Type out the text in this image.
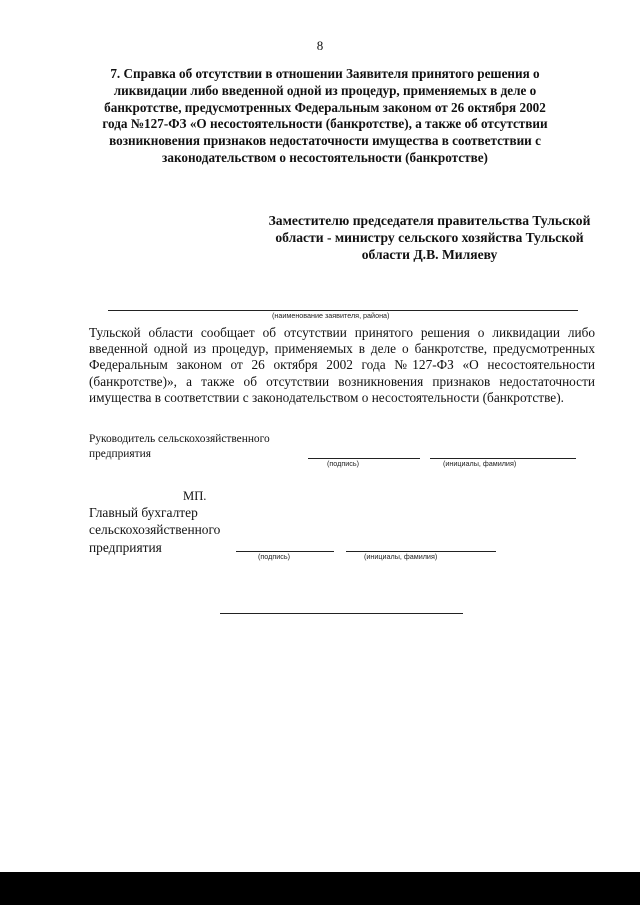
8
7. Справка об отсутствии в отношении Заявителя принятого решения о ликвидации либо введенной одной из процедур, применяемых в деле о банкротстве, предусмотренных Федеральным законом от 26 октября 2002 года №127-ФЗ «О несостоятельности (банкротстве), а также об отсутствии возникновения признаков недостаточности имущества в соответствии с законодательством о несостоятельности (банкротстве)
Заместителю председателя правительства Тульской области - министру сельского хозяйства Тульской области Д.В. Миляеву
(наименование заявителя, района)
Тульской области сообщает об отсутствии принятого решения о ликвидации либо введенной одной из процедур, применяемых в деле о банкротстве, предусмотренных Федеральным законом от 26 октября 2002 года №127-ФЗ «О несостоятельности (банкротстве)», а также об отсутствии возникновения признаков недостаточности имущества в соответствии с законодательством о несостоятельности (банкротстве).
Руководитель сельскохозяйственного
предприятия
(подпись)	(инициалы, фамилия)
МП.
Главный бухгалтер
сельскохозяйственного
предприятия
(подпись)	(инициалы, фамилия)
